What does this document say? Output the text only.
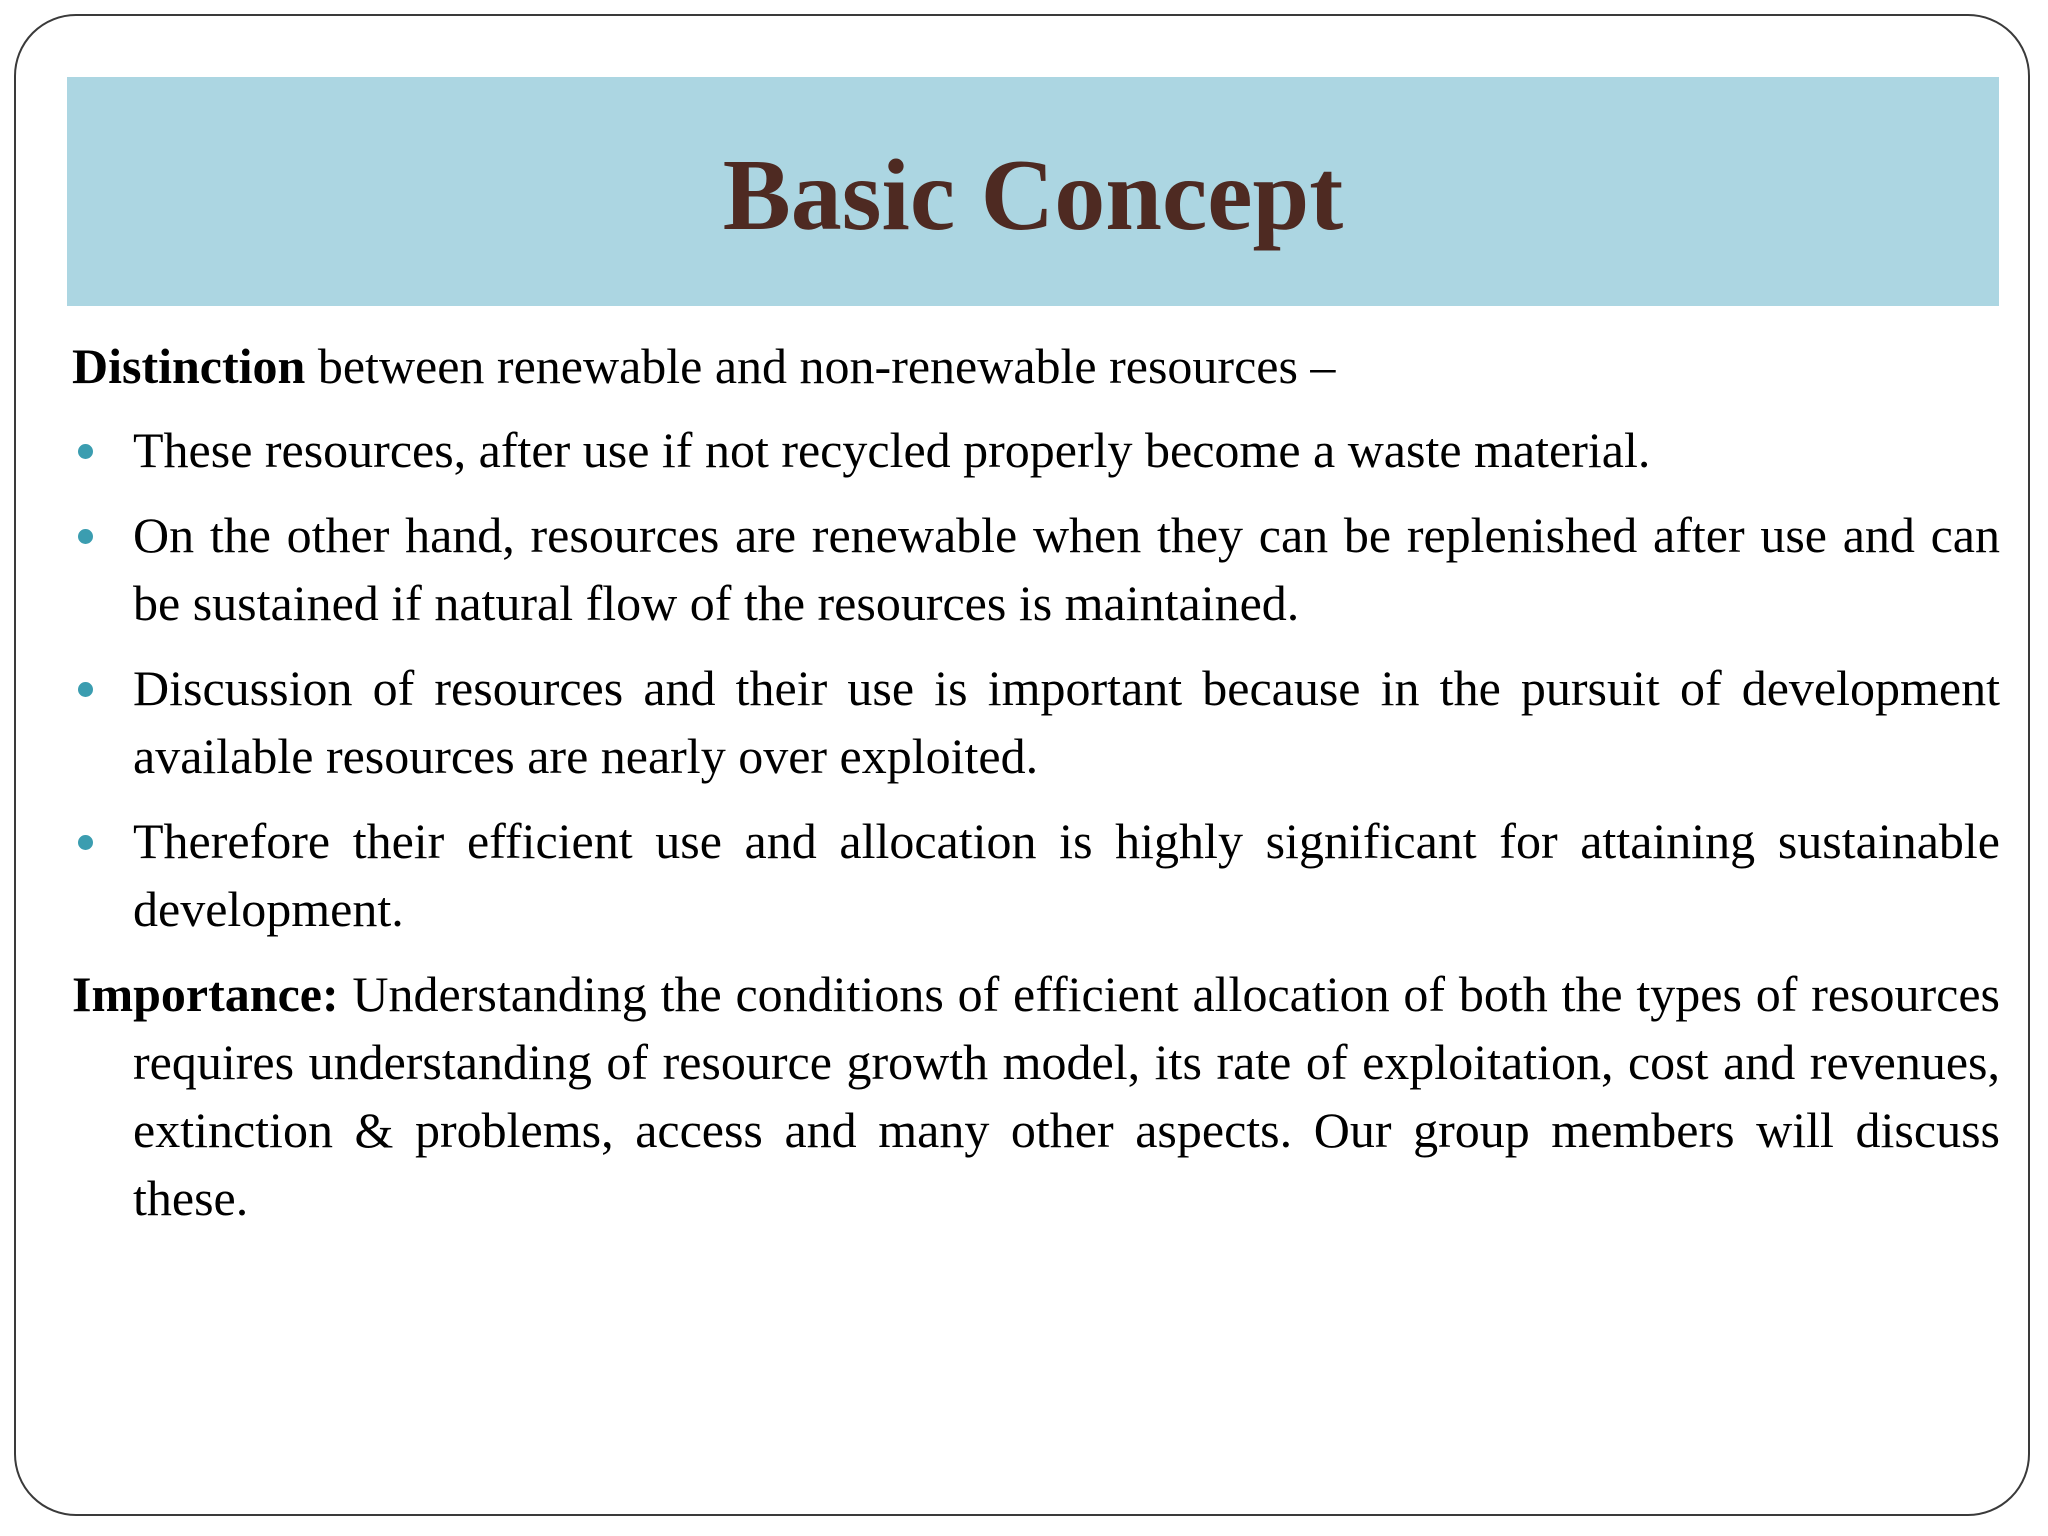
Basic Concept

Distinction between renewable and non-renewable resources –

These resources, after use if not recycled properly become a waste material.
On the other hand, resources are renewable when they can be replenished after use and can be sustained if natural flow of the resources is maintained.
Discussion of resources and their use is important because in the pursuit of development available resources are nearly over exploited.
Therefore their efficient use and allocation is highly significant for attaining sustainable development.

Importance: Understanding the conditions of efficient allocation of both the types of resources requires understanding of resource growth model, its rate of exploitation, cost and revenues, extinction & problems, access and many other aspects. Our group members will discuss these.
